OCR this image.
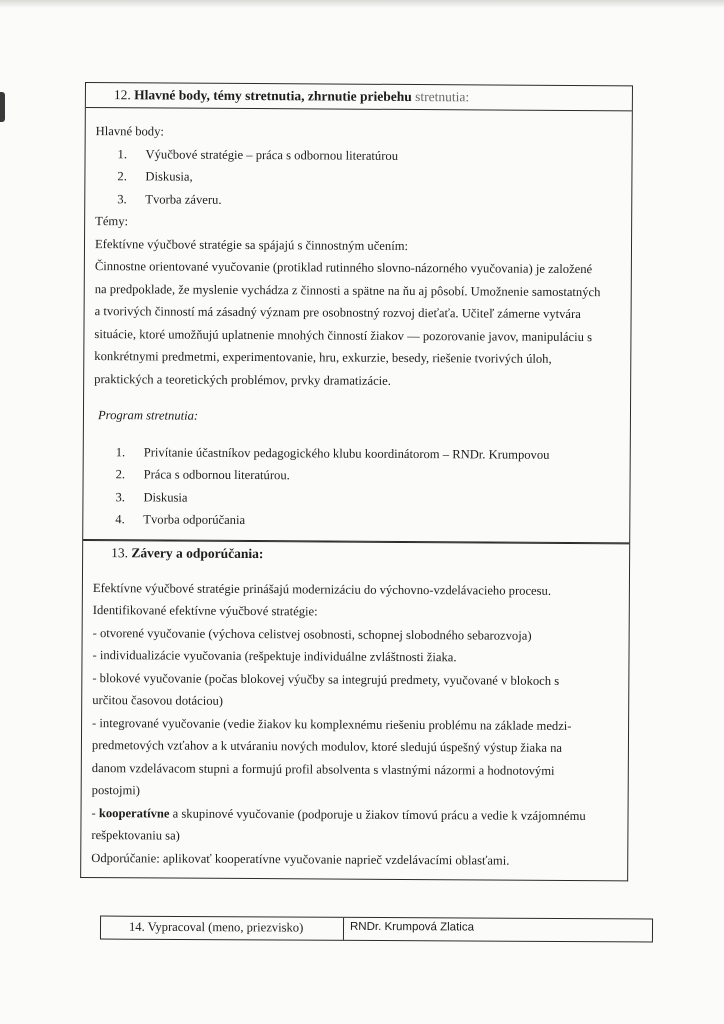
12. Hlavné body, témy stretnutia, zhrnutie priebehu stretnutia:

Hlavné body:

1. Výučbové stratégie – práca s odbornou literatúrou
2. Diskusia,
3. Tvorba záveru.

Témy:

Efektívne výučbové stratégie sa spájajú s činnostným učením:

Činnostne orientované vyučovanie (protiklad rutinného slovno-názorného vyučovania) je založené

na predpoklade, že myslenie vychádza z činnosti a spätne na ňu aj pôsobí. Umožnenie samostatných

a tvorivých činností má zásadný význam pre osobnostný rozvoj dieťaťa. Učiteľ zámerne vytvára

situácie, ktoré umožňujú uplatnenie mnohých činností žiakov — pozorovanie javov, manipuláciu s

konkrétnymi predmetmi, experimentovanie, hru, exkurzie, besedy, riešenie tvorivých úloh,

praktických a teoretických problémov, prvky dramatizácie.

Program stretnutia:

1. Privítanie účastníkov pedagogického klubu koordinátorom – RNDr. Krumpovou
2. Práca s odbornou literatúrou.
3. Diskusia
4. Tvorba odporúčania
13. Závery a odporúčania:

Efektívne výučbové stratégie prinášajú modernizáciu do výchovno-vzdelávacieho procesu.

Identifikované efektívne výučbové stratégie:

- otvorené vyučovanie (výchova celistvej osobnosti, schopnej slobodného sebarozvoja)

- individualizácie vyučovania (rešpektuje individuálne zvláštnosti žiaka.

- blokové vyučovanie (počas blokovej výučby sa integrujú predmety, vyučované v blokoch s

určitou časovou dotáciou)

- integrované vyučovanie (vedie žiakov ku komplexnému riešeniu problému na základe medzi-

predmetových vzťahov a k utváraniu nových modulov, ktoré sledujú úspešný výstup žiaka na

danom vzdelávacom stupni a formujú profil absolventa s vlastnými názormi a hodnotovými

postojmi)

- kooperatívne a skupinové vyučovanie (podporuje u žiakov tímovú prácu a vedie k vzájomnému

rešpektovaniu sa)

Odporúčanie: aplikovať kooperatívne vyučovanie naprieč vzdelávacími oblasťami.

14. Vypracoval (meno, priezvisko)	RNDr. Krumpová Zlatica
